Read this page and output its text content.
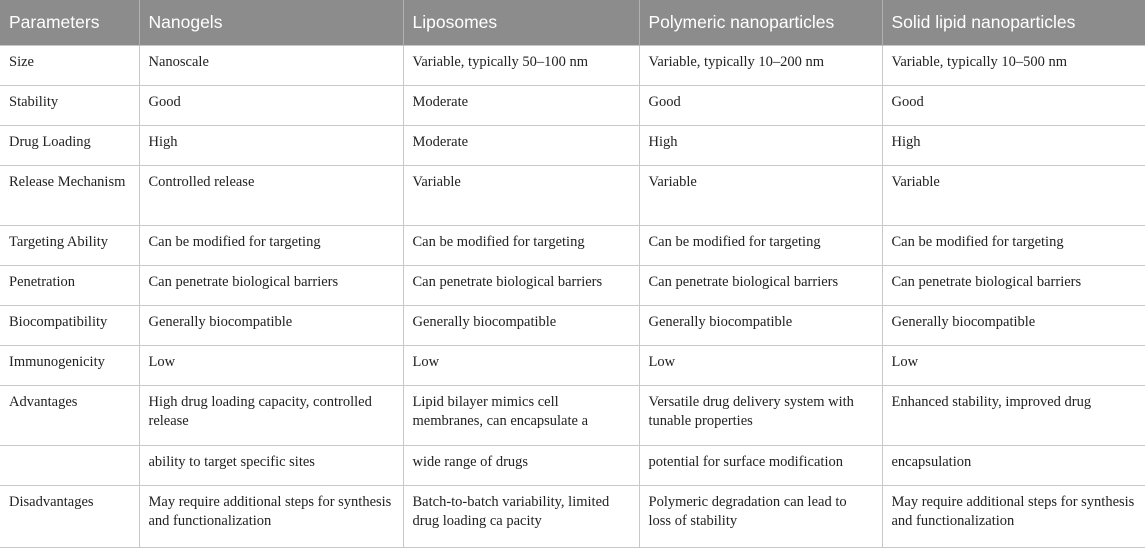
Parameters	Nanogels	Liposomes	Polymeric nanoparticles	Solid lipid nanoparticles
Size	Nanoscale	Variable, typically 50–100 nm	Variable, typically 10–200 nm	Variable, typically 10–500 nm
Stability	Good	Moderate	Good	Good
Drug Loading	High	Moderate	High	High
Release Mechanism	Controlled release	Variable	Variable	Variable
Targeting Ability	Can be modified for targeting	Can be modified for targeting	Can be modified for targeting	Can be modified for targeting
Penetration	Can penetrate biological barriers	Can penetrate biological barriers	Can penetrate biological barriers	Can penetrate biological barriers
Biocompatibility	Generally biocompatible	Generally biocompatible	Generally biocompatible	Generally biocompatible
Immunogenicity	Low	Low	Low	Low
Advantages	High drug loading capacity, controlled release	Lipid bilayer mimics cell membranes, can encapsulate a	Versatile drug delivery system with tunable properties	Enhanced stability, improved drug
	ability to target specific sites	wide range of drugs	potential for surface modification	encapsulation
Disadvantages	May require additional steps for synthesis and functionalization	Batch-to-batch variability, limited drug loading ca pacity	Polymeric degradation can lead to loss of stability	May require additional steps for synthesis and functionalization
